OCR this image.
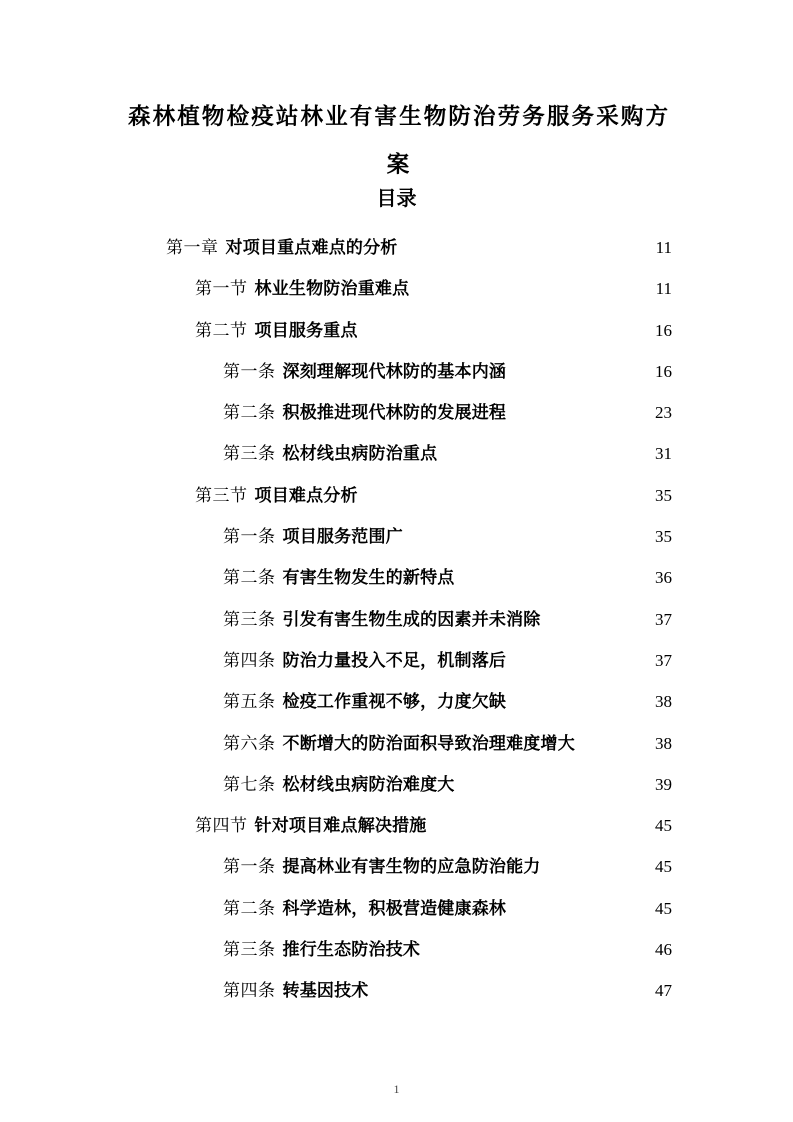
森林植物检疫站林业有害生物防治劳务服务采购方
案
目录
第一章 对项目重点难点的分析 .....	11
第一节 林业生物防治重难点 .....	11
第二节 项目服务重点 .....	16
第一条 深刻理解现代林防的基本内涵 .....	16
第二条 积极推进现代林防的发展进程 .....	23
第三条 松材线虫病防治重点 .....	31
第三节 项目难点分析 .....	35
第一条 项目服务范围广 .....	35
第二条 有害生物发生的新特点 .....	36
第三条 引发有害生物生成的因素并未消除 .....	37
第四条 防治力量投入不足，机制落后 .....	37
第五条 检疫工作重视不够，力度欠缺 .....	38
第六条 不断增大的防治面积导致治理难度增大 .....	38
第七条 松材线虫病防治难度大 .....	39
第四节 针对项目难点解决措施 .....	45
第一条 提高林业有害生物的应急防治能力 .....	45
第二条 科学造林，积极营造健康森林 .....	45
第三条 推行生态防治技术 .....	46
第四条 转基因技术 .....	47
1
